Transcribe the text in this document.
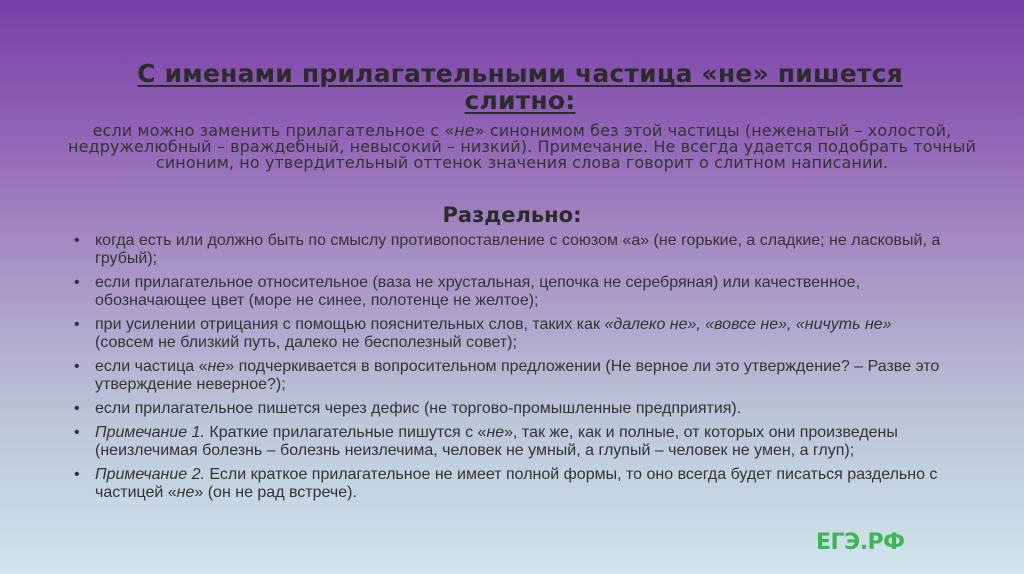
С именами прилагательными частица «не» пишется слитно:
если можно заменить прилагательное с «не» синонимом без этой частицы (неженатый – холостой, недружелюбный – враждебный, невысокий – низкий). Примечание. Не всегда удается подобрать точный синоним, но утвердительный оттенок значения слова говорит о слитном написании.
Раздельно:
• когда есть или должно быть по смыслу противопоставление с союзом «а» (не горькие, а сладкие; не ласковый, а грубый);
• если прилагательное относительное (ваза не хрустальная, цепочка не серебряная) или качественное, обозначающее цвет (море не синее, полотенце не желтое);
• при усилении отрицания с помощью пояснительных слов, таких как «далеко не», «вовсе не», «ничуть не» (совсем не близкий путь, далеко не бесполезный совет);
• если частица «не» подчеркивается в вопросительном предложении (Не верное ли это утверждение? – Разве это утверждение неверное?);
• если прилагательное пишется через дефис (не торгово-промышленные предприятия).
• Примечание 1. Краткие прилагательные пишутся с «не», так же, как и полные, от которых они произведены (неизлечимая болезнь – болезнь неизлечима, человек не умный, а глупый – человек не умен, а глуп);
• Примечание 2. Если краткое прилагательное не имеет полной формы, то оно всегда будет писаться раздельно с частицей «не» (он не рад встрече).
ЕГЭ.РФ
